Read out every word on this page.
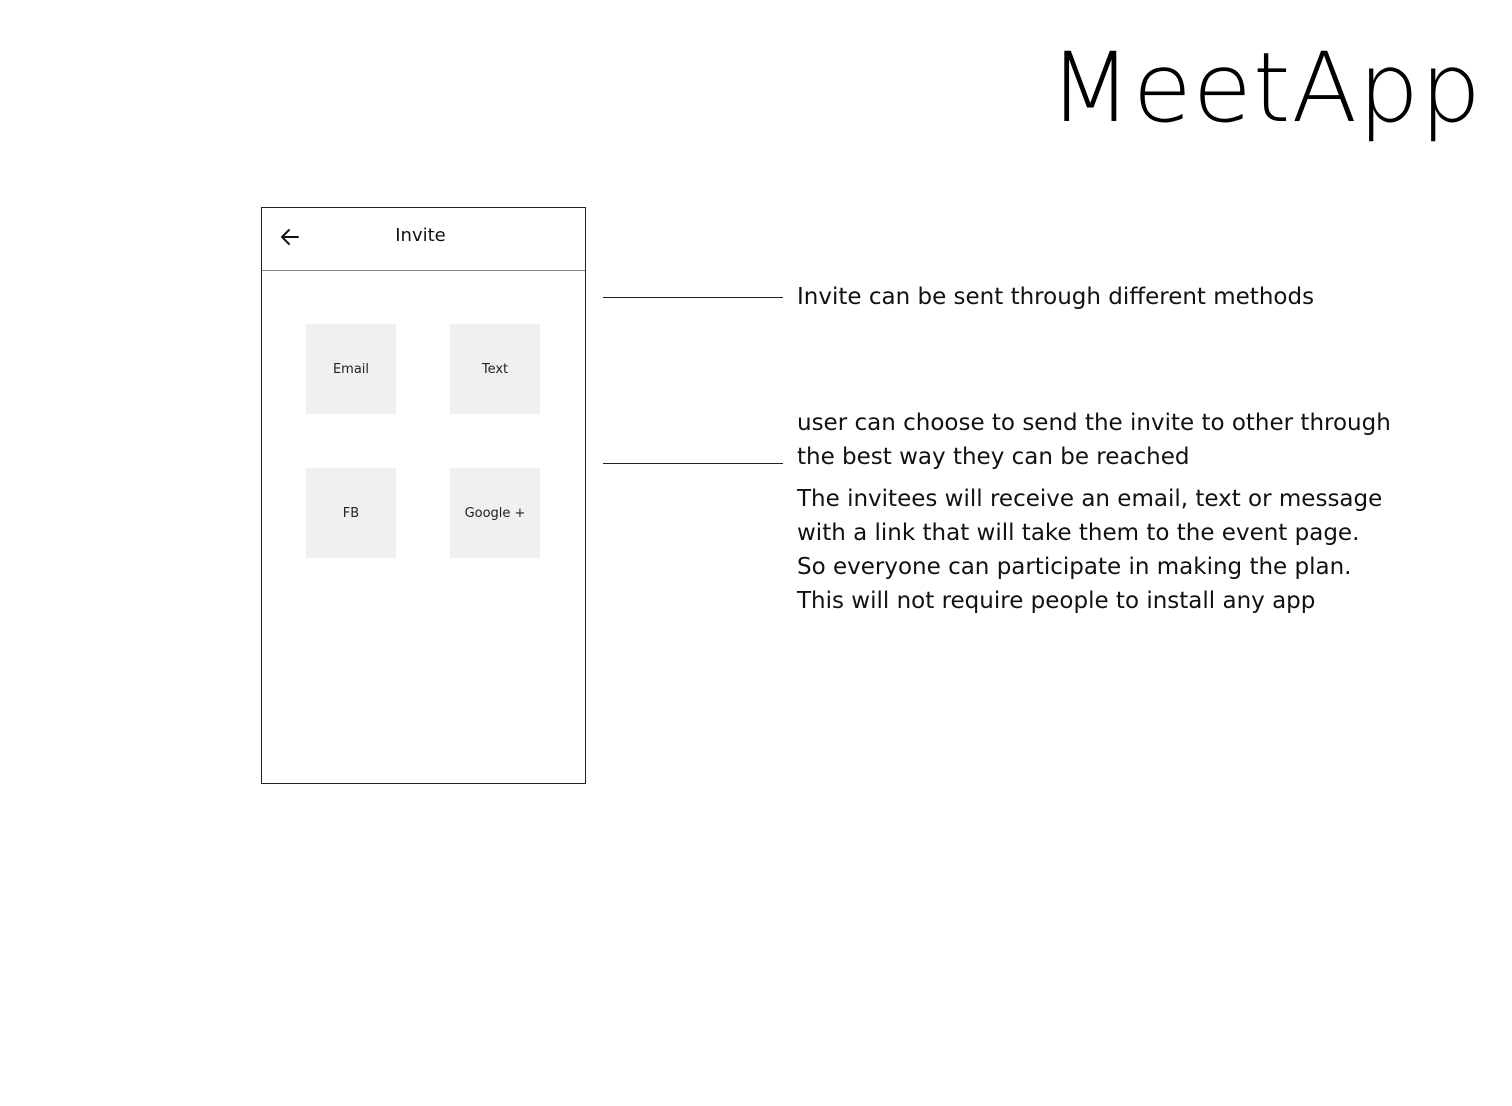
MeetApp
Invite
Email	Text
FB	Google +
Invite can be sent through different methods
user can choose to send the invite to other through
the best way they can be reached
The invitees will receive an email, text or message
with a link that will take them to the event page.
So everyone can participate in making the plan.
This will not require people to install any app
